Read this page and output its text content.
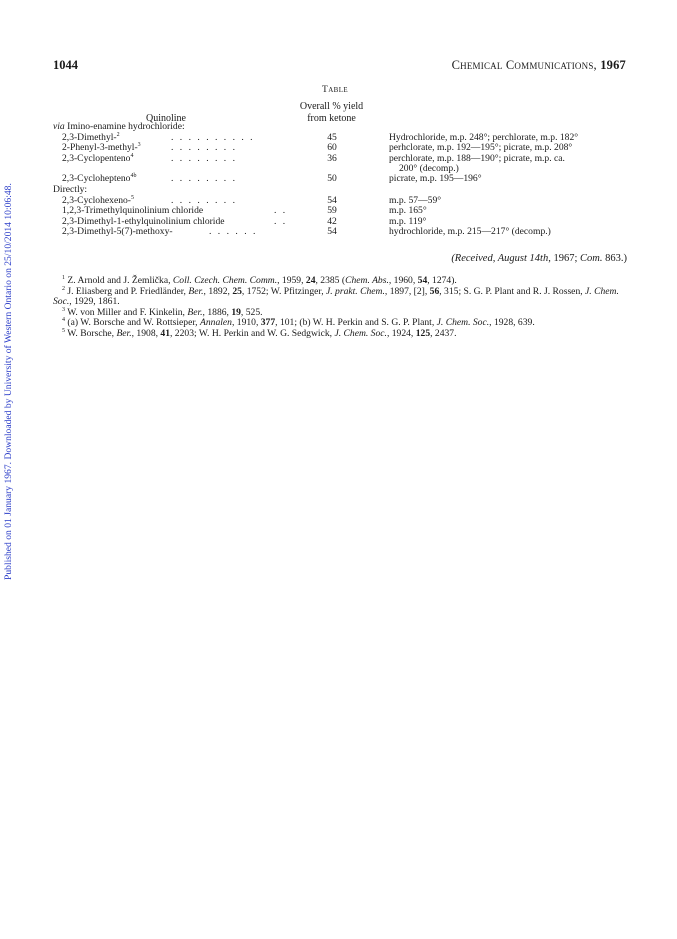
Published on 01 January 1967. Downloaded by University of Western Ontario on 25/10/2014 10:06:48.
1044	Chemical Communications, 1967
Table
Overall % yield
from ketone
Quinoline
via Imino-enamine hydrochloride:
2,3-Dimethyl-$^2$	. . . . . . . . . .	45	Hydrochloride, m.p. 248°; perchlorate, m.p. 182°
2-Phenyl-3-methyl-$^3$	. . . . . . . .	60	perhclorate, m.p. 192—195°; picrate, m.p. 208°
2,3-Cyclopenteno$^4$	. . . . . . . .	36	perchlorate, m.p. 188—190°; picrate, m.p. ca.
200° (decomp.)
2,3-Cyclohepteno$^{4b}$	. . . . . . . .	50	picrate, m.p. 195—196°
Directly:
2,3-Cyclohexeno-$^5$	. . . . . . . .	54	m.p. 57—59°
1,2,3-Trimethylquinolinium chloride	. .	59	m.p. 165°
2,3-Dimethyl-1-ethylquinolinium chloride	. .	42	m.p. 119°
2,3-Dimethyl-5(7)-methoxy-	. . . . . .	54	hydrochloride, m.p. 215—217° (decomp.)
(Received, August 14th, 1967; Com. 863.)

$^1$ Z. Arnold and J. Žemlička, Coll. Czech. Chem. Comm., 1959, 24, 2385 (Chem. Abs., 1960, 54, 1274).

$^2$ J. Eliasberg and P. Friedländer, Ber., 1892, 25, 1752; W. Pfitzinger, J. prakt. Chem., 1897, [2], 56, 315; S. G. P. Plant and R. J. Rossen, J. Chem. Soc., 1929, 1861.

$^3$ W. von Miller and F. Kinkelin, Ber., 1886, 19, 525.

$^4$ (a) W. Borsche and W. Rottsieper, Annalen, 1910, 377, 101; (b) W. H. Perkin and S. G. P. Plant, J. Chem. Soc., 1928, 639.

$^5$ W. Borsche, Ber., 1908, 41, 2203; W. H. Perkin and W. G. Sedgwick, J. Chem. Soc., 1924, 125, 2437.
